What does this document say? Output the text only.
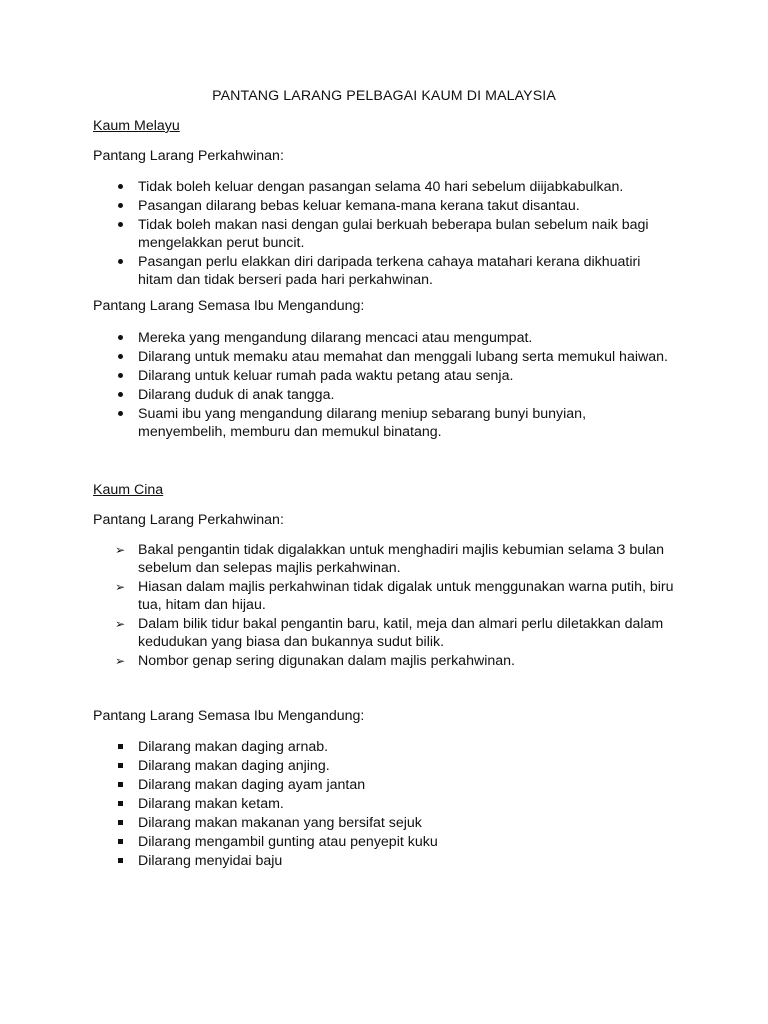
PANTANG LARANG PELBAGAI KAUM DI MALAYSIA
Kaum Melayu
Pantang Larang Perkahwinan:
Tidak boleh keluar dengan pasangan selama 40 hari sebelum diijabkabulkan.
Pasangan dilarang bebas keluar kemana-mana kerana takut disantau.
Tidak boleh makan nasi dengan gulai berkuah beberapa bulan sebelum naik bagi
mengelakkan perut buncit.
Pasangan perlu elakkan diri daripada terkena cahaya matahari kerana dikhuatiri
hitam dan tidak berseri pada hari perkahwinan.
Pantang Larang Semasa Ibu Mengandung:
Mereka yang mengandung dilarang mencaci atau mengumpat.
Dilarang untuk memaku atau memahat dan menggali lubang serta memukul haiwan.
Dilarang untuk keluar rumah pada waktu petang atau senja.
Dilarang duduk di anak tangga.
Suami ibu yang mengandung dilarang meniup sebarang bunyi bunyian,
menyembelih, memburu dan memukul binatang.
Kaum Cina
Pantang Larang Perkahwinan:
➢ Bakal pengantin tidak digalakkan untuk menghadiri majlis kebumian selama 3 bulan
sebelum dan selepas majlis perkahwinan.
➢ Hiasan dalam majlis perkahwinan tidak digalak untuk menggunakan warna putih, biru
tua, hitam dan hijau.
➢ Dalam bilik tidur bakal pengantin baru, katil, meja dan almari perlu diletakkan dalam
kedudukan yang biasa dan bukannya sudut bilik.
➢ Nombor genap sering digunakan dalam majlis perkahwinan.
Pantang Larang Semasa Ibu Mengandung:
Dilarang makan daging arnab.
Dilarang makan daging anjing.
Dilarang makan daging ayam jantan
Dilarang makan ketam.
Dilarang makan makanan yang bersifat sejuk
Dilarang mengambil gunting atau penyepit kuku
Dilarang menyidai baju
